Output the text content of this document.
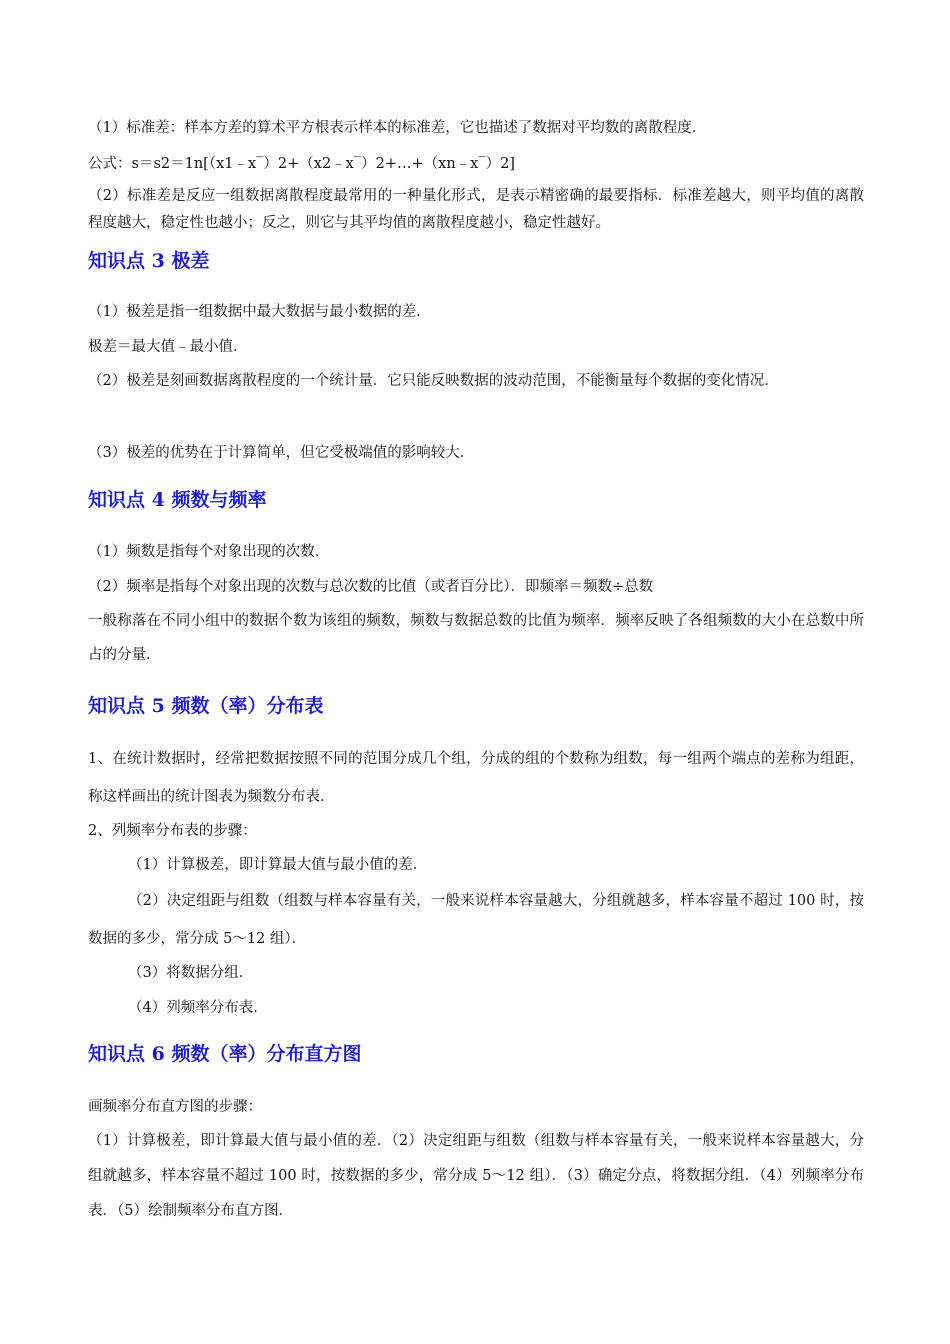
（1）标准差：样本方差的算术平方根表示样本的标准差，它也描述了数据对平均数的离散程度．
公式：s＝s2＝1n[（x1﹣x‾）2+（x2﹣x‾）2+…+（xn﹣x‾）2]
（2）标准差是反应一组数据离散程度最常用的一种量化形式，是表示精密确的最要指标．标准差越大，则平均值的离散程度越大，稳定性也越小；反之，则它与其平均值的离散程度越小，稳定性越好。
知识点 3 极差
（1）极差是指一组数据中最大数据与最小数据的差．
极差＝最大值﹣最小值．
（2）极差是刻画数据离散程度的一个统计量．它只能反映数据的波动范围，不能衡量每个数据的变化情况．
（3）极差的优势在于计算简单，但它受极端值的影响较大．
知识点 4 频数与频率
（1）频数是指每个对象出现的次数．
（2）频率是指每个对象出现的次数与总次数的比值（或者百分比）．即频率＝频数÷总数
一般称落在不同小组中的数据个数为该组的频数，频数与数据总数的比值为频率．频率反映了各组频数的大小在总数中所占的分量．
知识点 5 频数（率）分布表
1、在统计数据时，经常把数据按照不同的范围分成几个组，分成的组的个数称为组数，每一组两个端点的差称为组距，称这样画出的统计图表为频数分布表．
2、列频率分布表的步骤：
（1）计算极差，即计算最大值与最小值的差．
（2）决定组距与组数（组数与样本容量有关，一般来说样本容量越大，分组就越多，样本容量不超过 100 时，按数据的多少，常分成 5～12 组）．
（3）将数据分组．
（4）列频率分布表．
知识点 6 频数（率）分布直方图
画频率分布直方图的步骤：
（1）计算极差，即计算最大值与最小值的差．（2）决定组距与组数（组数与样本容量有关，一般来说样本容量越大，分组就越多，样本容量不超过 100 时，按数据的多少，常分成 5～12 组）．（3）确定分点，将数据分组．（4）列频率分布表．（5）绘制频率分布直方图．
